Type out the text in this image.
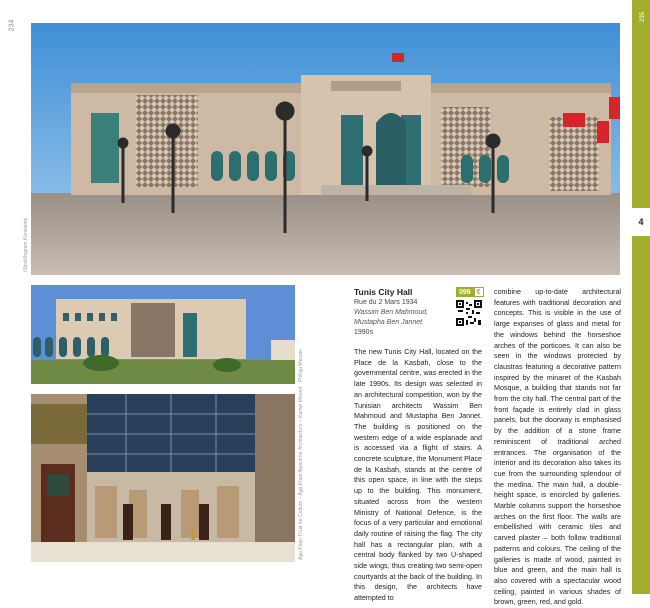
234
iStock/Ingram Konstanty
Philipp Meuser
Aga Khan Trust for Culture – Aga Khan Award for Architecture – Kamel Moued
Tunis City Hall
Rue du 2 Mars 1934
Wassim Ben Mahmoud,
Mustapha Ben Jannet
1990s
099 €
The new Tunis City Hall, located on the Place de la Kasbah, close to the governmental centre, was erected in the late 1990s. Its design was selected in an architectural competition, won by the Tunisian architects Wassim Ben Mahmoud and Mustapha Ben Jannet. The building is positioned on the western edge of a wide esplanade and is accessed via a flight of stairs. A concrete sculpture, the Monument Place de la Kasbah, stands at the centre of this open space, in line with the steps up to the building. This monument, situated across from the western Ministry of National Defence, is the focus of a very particular and emotional daily routine of raising the flag. The city hall has a rectangular plan, with a central body flanked by two U-shaped side wings, thus creating two semi-open courtyards at the back of the building. In this design, the architects have attempted to
combine up-to-date architectural features with traditional decoration and concepts. This is visible in the use of large expanses of glass and metal for the windows behind the horseshoe arches of the porticoes. It can also be seen in the windows protected by claustras featuring a decorative pattern inspired by the minaret of the Kasbah Mosque, a building that stands not far from the city hall. The central part of the front façade is entirely clad in glass panels, but the doorway is emphasised by the addition of a stone frame reminiscent of traditional arched entrances. The organisation of the interior and its decoration also takes its cue from the surrounding splendour of the medina. The main hall, a double-height space, is encircled by galleries. Marble columns support the horseshoe arches on the first floor. The walls are embellished with ceramic tiles and carved plaster – both follow traditional patterns and colours. The ceiling of the galleries is made of wood, painted in blue and green, and the main hall is also covered with a spectacular wood ceiling, painted in various shades of brown, green, red, and gold.
235
4
